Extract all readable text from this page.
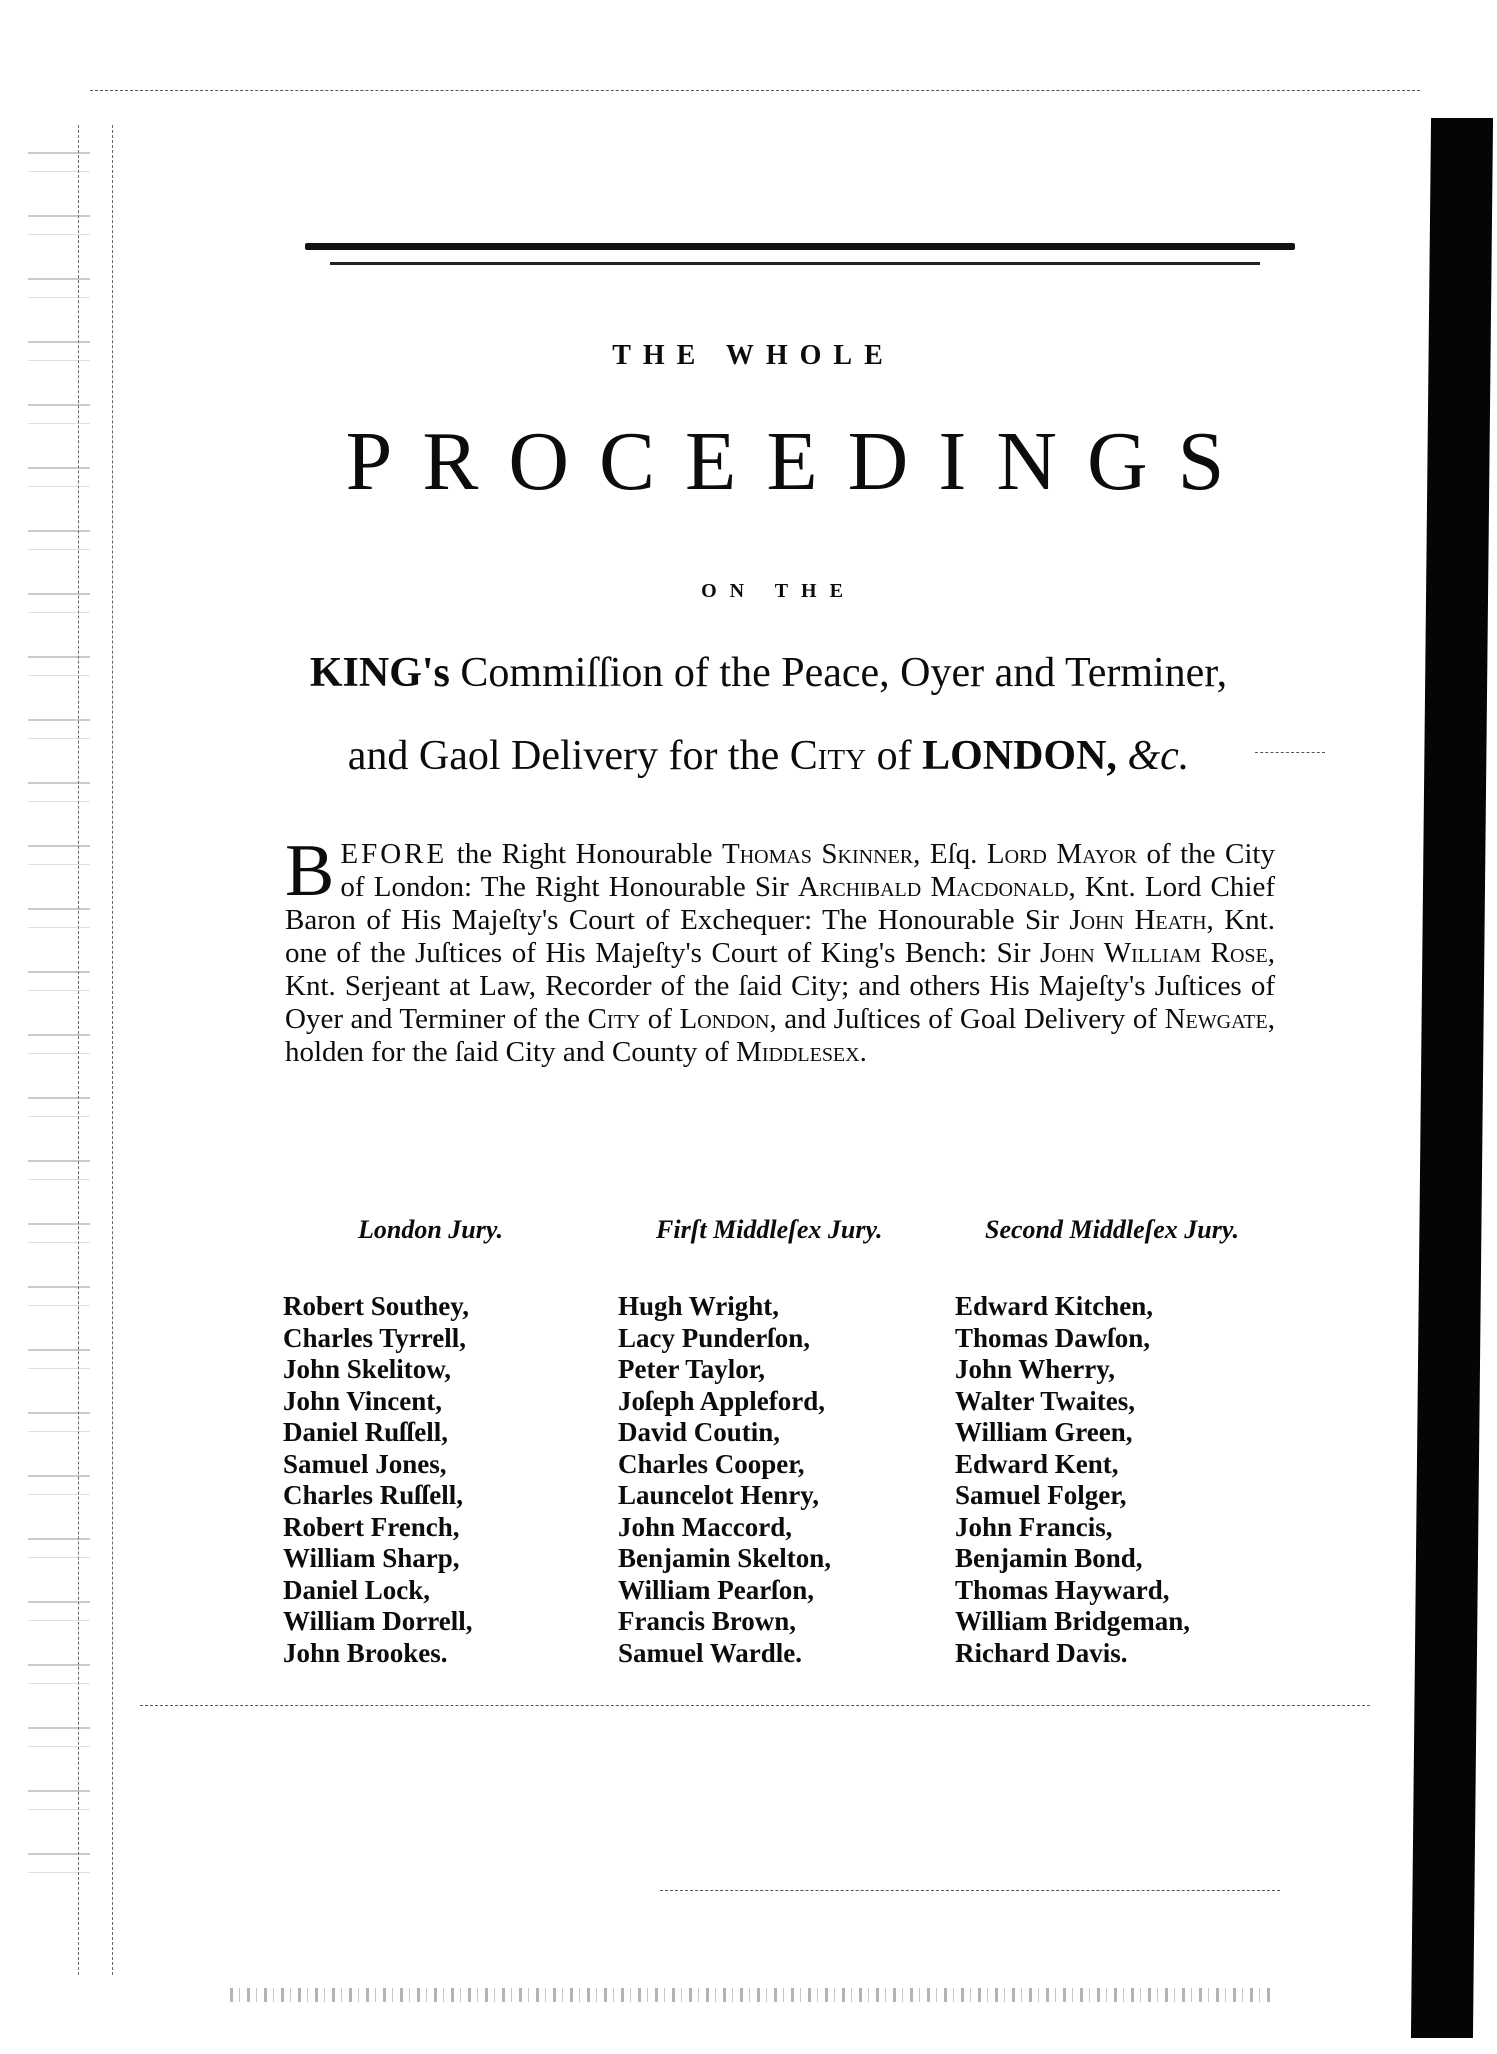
THE WHOLE
PROCEEDINGS
ON THE
KING's Commiſſion of the Peace, Oyer and Terminer,
and Gaol Delivery for the City of LONDON, &c.
BEFORE the Right Honourable Thomas Skinner, Eſq. Lord Mayor of the City of London: The Right Honourable Sir Archibald Macdonald, Knt. Lord Chief Baron of His Majeſty's Court of Exchequer: The Honourable Sir John Heath, Knt. one of the Juſtices of His Majeſty's Court of King's Bench: Sir John William Rose, Knt. Serjeant at Law, Recorder of the ſaid City; and others His Majeſty's Juſtices of Oyer and Terminer of the City of London, and Juſtices of Goal Delivery of Newgate, holden for the ſaid City and County of Middlesex.
London Jury.
Robert Southey,
Charles Tyrrell,
John Skelitow,
John Vincent,
Daniel Ruſſell,
Samuel Jones,
Charles Ruſſell,
Robert French,
William Sharp,
Daniel Lock,
William Dorrell,
John Brookes.
Firſt Middleſex Jury.
Hugh Wright,
Lacy Punderſon,
Peter Taylor,
Joſeph Appleford,
David Coutin,
Charles Cooper,
Launcelot Henry,
John Maccord,
Benjamin Skelton,
William Pearſon,
Francis Brown,
Samuel Wardle.
Second Middleſex Jury.
Edward Kitchen,
Thomas Dawſon,
John Wherry,
Walter Twaites,
William Green,
Edward Kent,
Samuel Folger,
John Francis,
Benjamin Bond,
Thomas Hayward,
William Bridgeman,
Richard Davis.
